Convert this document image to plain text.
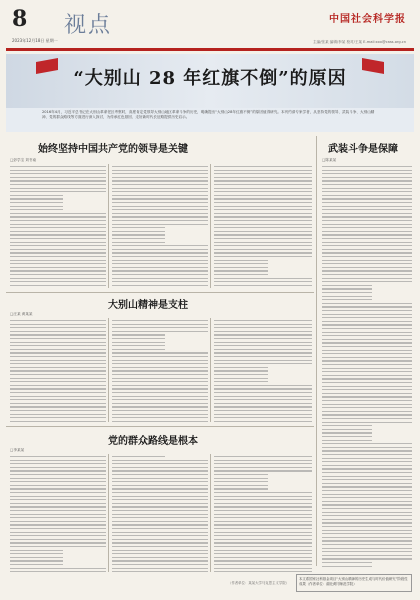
8
2023年12月18日 星期一
视点	中国社会科学报
主编/张某 编辑/李某 校对/王某 E-mail:xxx@cass.org.cn
“大别山 28 年红旗不倒”的原因
2016年4月，习近平总书记在大别山革命老区考察时，高度肯定党领导大别山地区革命斗争的历史，明确提出“大别山28年红旗不倒”的原因值得研究。本刊约请专家学者，从坚持党的领导、武装斗争、大别山精神、党的群众路线等方面进行深入探讨，为传承红色基因、走好新时代长征路提供历史启示。
始终坚持中国共产党的领导是关键
□彭学宝 刘书南
武装斗争是保障
□陈某某
大别山精神是支柱
□汪某 黄某某
党的群众路线是根本
□李某某
（作者单位：某某大学马克思主义学院）
本文系国家社科基金项目“大别山精神的历史生成与时代价值研究”阶段性成果（作者单位：湖北黄冈师范学院）
